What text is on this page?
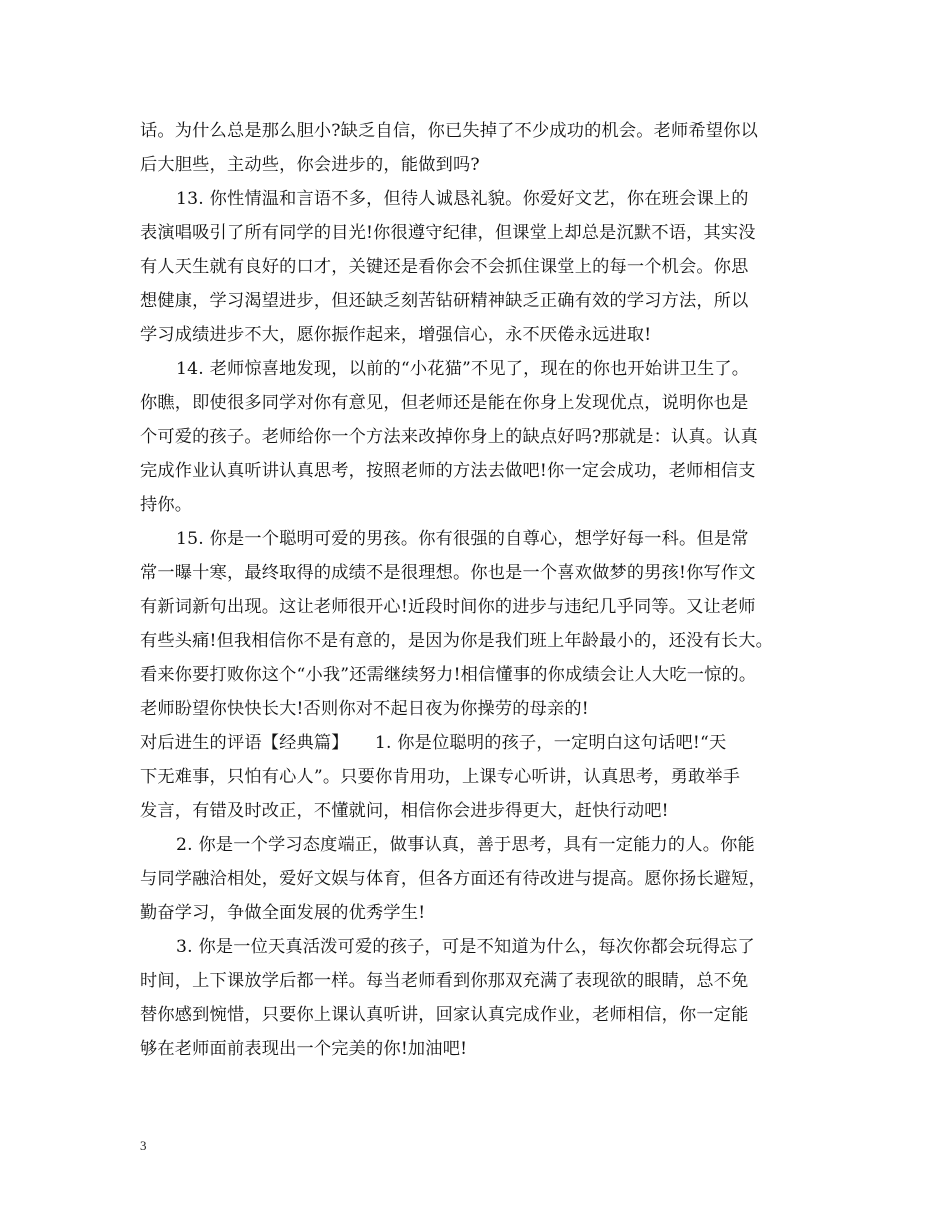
话。为什么总是那么胆小?缺乏自信，你已失掉了不少成功的机会。老师希望你以
后大胆些，主动些，你会进步的，能做到吗?
13. 你性情温和言语不多，但待人诚恳礼貌。你爱好文艺，你在班会课上的
表演唱吸引了所有同学的目光!你很遵守纪律，但课堂上却总是沉默不语，其实没
有人天生就有良好的口才，关键还是看你会不会抓住课堂上的每一个机会。你思
想健康，学习渴望进步，但还缺乏刻苦钻研精神缺乏正确有效的学习方法，所以
学习成绩进步不大，愿你振作起来，增强信心，永不厌倦永远进取!
14. 老师惊喜地发现，以前的“小花猫”不见了，现在的你也开始讲卫生了。
你瞧，即使很多同学对你有意见，但老师还是能在你身上发现优点，说明你也是
个可爱的孩子。老师给你一个方法来改掉你身上的缺点好吗?那就是：认真。认真
完成作业认真听讲认真思考，按照老师的方法去做吧!你一定会成功，老师相信支
持你。
15. 你是一个聪明可爱的男孩。你有很强的自尊心，想学好每一科。但是常
常一曝十寒，最终取得的成绩不是很理想。你也是一个喜欢做梦的男孩!你写作文
有新词新句出现。这让老师很开心!近段时间你的进步与违纪几乎同等。又让老师
有些头痛!但我相信你不是有意的，是因为你是我们班上年龄最小的，还没有长大。
看来你要打败你这个“小我”还需继续努力!相信懂事的你成绩会让人大吃一惊的。
老师盼望你快快长大!否则你对不起日夜为你操劳的母亲的!
对后进生的评语【经典篇】　　1. 你是位聪明的孩子，一定明白这句话吧!“天
下无难事，只怕有心人”。只要你肯用功，上课专心听讲，认真思考，勇敢举手
发言，有错及时改正，不懂就问，相信你会进步得更大，赶快行动吧!
2. 你是一个学习态度端正，做事认真，善于思考，具有一定能力的人。你能
与同学融洽相处，爱好文娱与体育，但各方面还有待改进与提高。愿你扬长避短，
勤奋学习，争做全面发展的优秀学生!
3. 你是一位天真活泼可爱的孩子，可是不知道为什么，每次你都会玩得忘了
时间，上下课放学后都一样。每当老师看到你那双充满了表现欲的眼睛，总不免
替你感到惋惜，只要你上课认真听讲，回家认真完成作业，老师相信，你一定能
够在老师面前表现出一个完美的你!加油吧!
3
